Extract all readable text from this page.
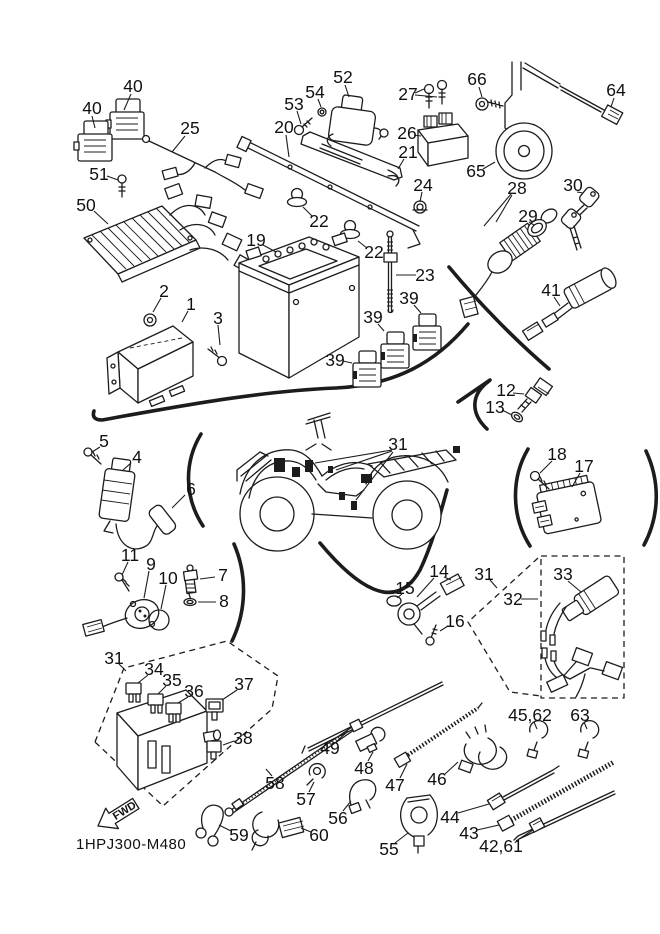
FWD
1HPJ300-M480
40
40
25
51
50
53
54
52
20
27
66
64
26
21
65
24	28 30
29
22
19
22
23
41
39
39
39
2
1
3
12
13
5
4
6
31	18
17
11 9
10 7
8
14
15
16
31
32
33
31
34
35
36 37
38
58
49
48
47 46
57
56
59	60
55
44
43
42,61
45,62 63
